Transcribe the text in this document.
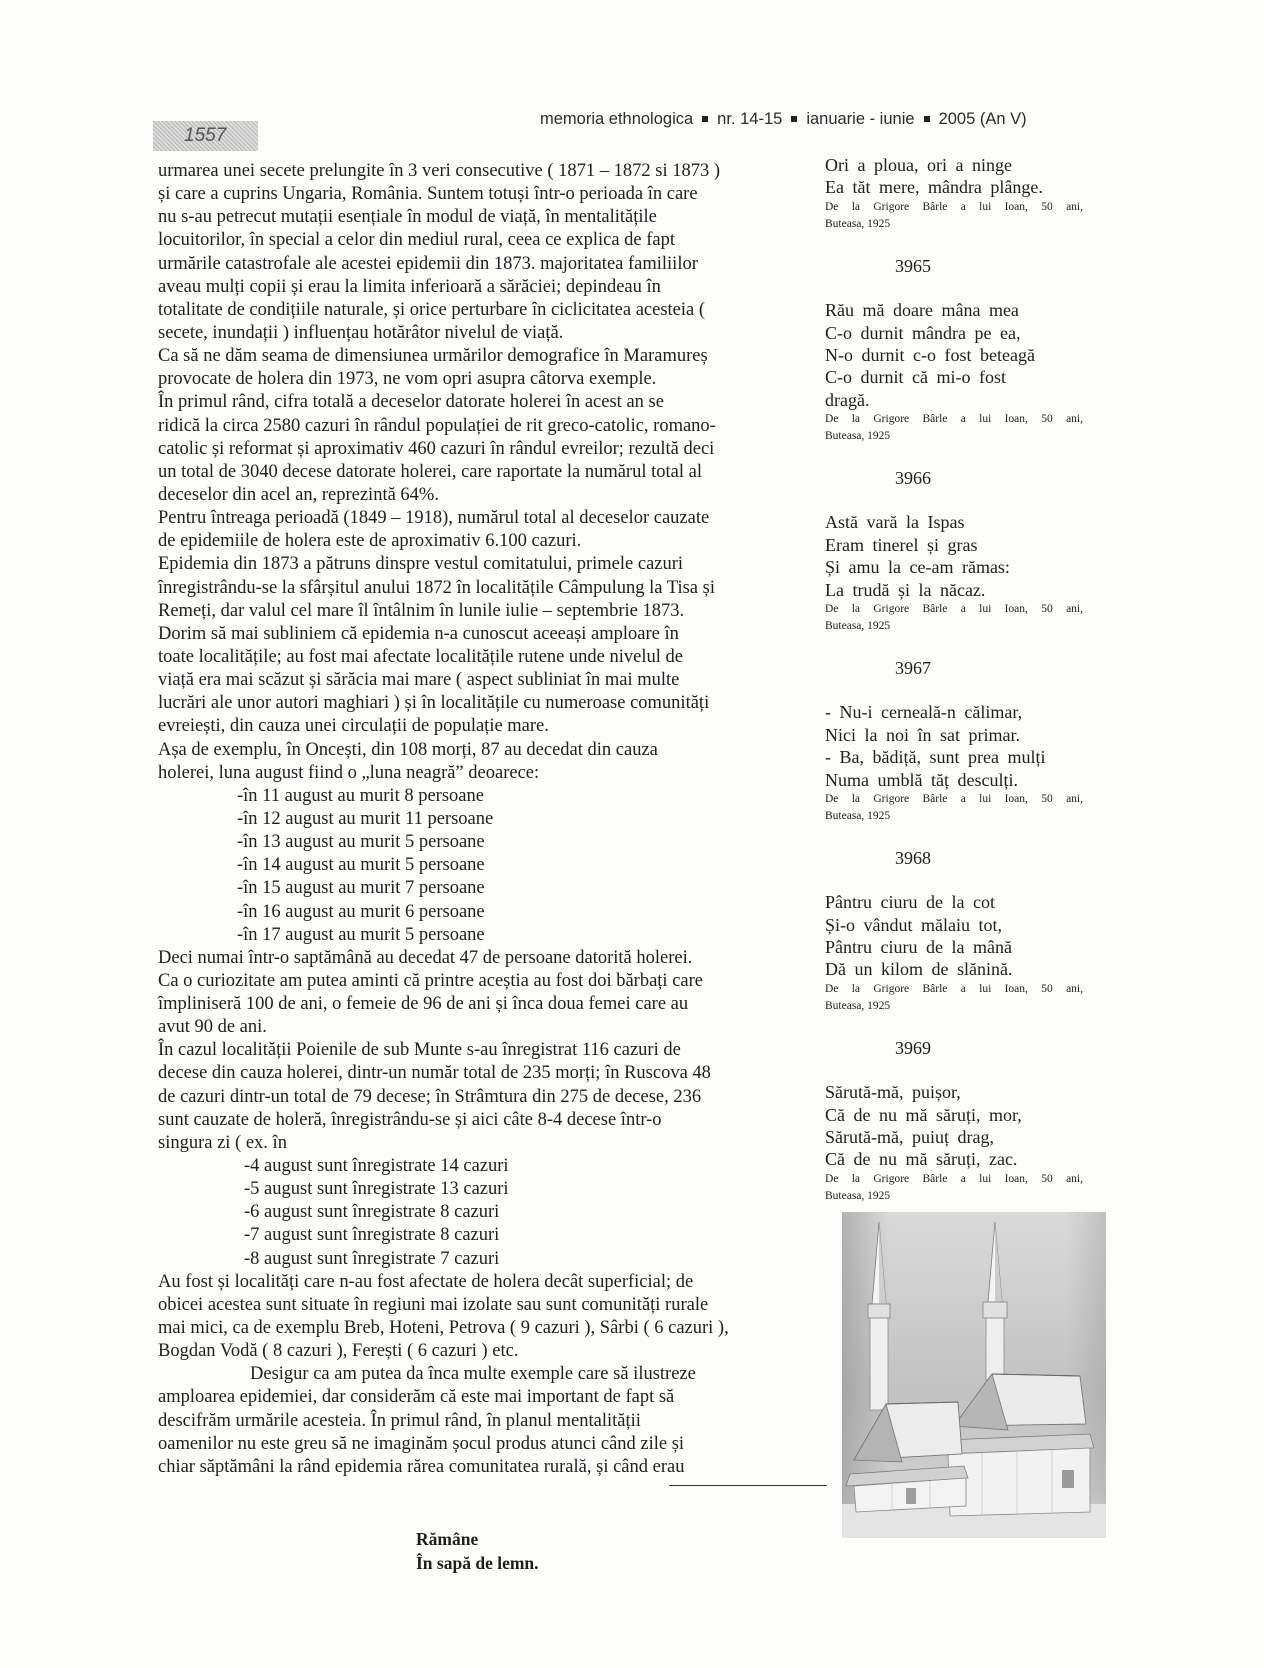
1557
memoria ethnologica nr. 14-15 ianuarie - iunie 2005 (An V)
urmarea unei secete prelungite în 3 veri consecutive ( 1871 – 1872 si 1873 )
și care a cuprins Ungaria, România. Suntem totuși într-o perioada în care
nu s-au petrecut mutații esențiale în modul de viață, în mentalitățile
locuitorilor, în special a celor din mediul rural, ceea ce explica de fapt
urmările catastrofale ale acestei epidemii din 1873. majoritatea familiilor
aveau mulți copii și erau la limita inferioară a sărăciei; depindeau în
totalitate de condițiile naturale, și orice perturbare în ciclicitatea acesteia (
secete, inundații ) influențau hotărâtor nivelul de viață.
Ca să ne dăm seama de dimensiunea urmărilor demografice în Maramureș
provocate de holera din 1973, ne vom opri asupra câtorva exemple.
În primul rând, cifra totală a deceselor datorate holerei în acest an se
ridică la circa 2580 cazuri în rândul populației de rit greco-catolic, romano-
catolic și reformat și aproximativ 460 cazuri în rândul evreilor; rezultă deci
un total de 3040 decese datorate holerei, care raportate la numărul total al
deceselor din acel an, reprezintă 64%.
Pentru întreaga perioadă (1849 – 1918), numărul total al deceselor cauzate
de epidemiile de holera este de aproximativ 6.100 cazuri.
Epidemia din 1873 a pătruns dinspre vestul comitatului, primele cazuri
înregistrându-se la sfârșitul anului 1872 în localitățile Câmpulung la Tisa și
Remeți, dar valul cel mare îl întâlnim în lunile iulie – septembrie 1873.
Dorim să mai subliniem că epidemia n-a cunoscut aceeași amploare în
toate localitățile; au fost mai afectate localitățile rutene unde nivelul de
viață era mai scăzut și sărăcia mai mare ( aspect subliniat în mai multe
lucrări ale unor autori maghiari ) și în localitățile cu numeroase comunități
evreiești, din cauza unei circulații de populație mare.
Așa de exemplu, în Oncești, din 108 morți, 87 au decedat din cauza
holerei, luna august fiind o „luna neagră” deoarece:
-în 11 august au murit 8 persoane
-în 12 august au murit 11 persoane
-în 13 august au murit 5 persoane
-în 14 august au murit 5 persoane
-în 15 august au murit 7 persoane
-în 16 august au murit 6 persoane
-în 17 august au murit 5 persoane
Deci numai într-o saptămână au decedat 47 de persoane datorită holerei.
Ca o curiozitate am putea aminti că printre aceștia au fost doi bărbați care
împliniseră 100 de ani, o femeie de 96 de ani și înca doua femei care au
avut 90 de ani.
În cazul localității Poienile de sub Munte s-au înregistrat 116 cazuri de
decese din cauza holerei, dintr-un număr total de 235 morți; în Ruscova 48
de cazuri dintr-un total de 79 decese; în Strâmtura din 275 de decese, 236
sunt cauzate de holeră, înregistrându-se și aici câte 8-4 decese într-o
singura zi ( ex. în
-4 august sunt înregistrate 14 cazuri
-5 august sunt înregistrate 13 cazuri
-6 august sunt înregistrate 8 cazuri
-7 august sunt înregistrate 8 cazuri
-8 august sunt înregistrate 7 cazuri
Au fost și localități care n-au fost afectate de holera decât superficial; de
obicei acestea sunt situate în regiuni mai izolate sau sunt comunități rurale
mai mici, ca de exemplu Breb, Hoteni, Petrova ( 9 cazuri ), Sârbi ( 6 cazuri ),
Bogdan Vodă ( 8 cazuri ), Ferești ( 6 cazuri ) etc.
Desigur ca am putea da înca multe exemple care să ilustreze
amploarea epidemiei, dar considerăm că este mai important de fapt să
descifrăm urmările acesteia. În primul rând, în planul mentalității
oamenilor nu este greu să ne imaginăm șocul produs atunci când zile și
chiar săptămâni la rând epidemia rărea comunitatea rurală, și când erau
Ori a ploua, ori a ninge
Ea tăt mere, mândra plânge.
De la Grigore Bârle a lui Ioan, 50 ani,
Buteasa, 1925
3965
Rău mă doare mâna mea
C-o durnit mândra pe ea,
N-o durnit c-o fost beteagă
C-o durnit că mi-o fost
dragă.
De la Grigore Bârle a lui Ioan, 50 ani,
Buteasa, 1925
3966
Astă vară la Ispas
Eram tinerel și gras
Și amu la ce-am rămas:
La trudă și la năcaz.
De la Grigore Bârle a lui Ioan, 50 ani,
Buteasa, 1925
3967
- Nu-i cerneală-n călimar,
Nici la noi în sat primar.
- Ba, bădiță, sunt prea mulți
Numa umblă tăț desculți.
De la Grigore Bârle a lui Ioan, 50 ani,
Buteasa, 1925
3968
Pântru ciuru de la cot
Și-o vândut mălaiu tot,
Pântru ciuru de la mână
Dă un kilom de slănină.
De la Grigore Bârle a lui Ioan, 50 ani,
Buteasa, 1925
3969
Sărută-mă, puișor,
Că de nu mă săruți, mor,
Sărută-mă, puiuț drag,
Că de nu mă săruți, zac.
De la Grigore Bârle a lui Ioan, 50 ani,
Buteasa, 1925
Rămâne
În sapă de lemn.
